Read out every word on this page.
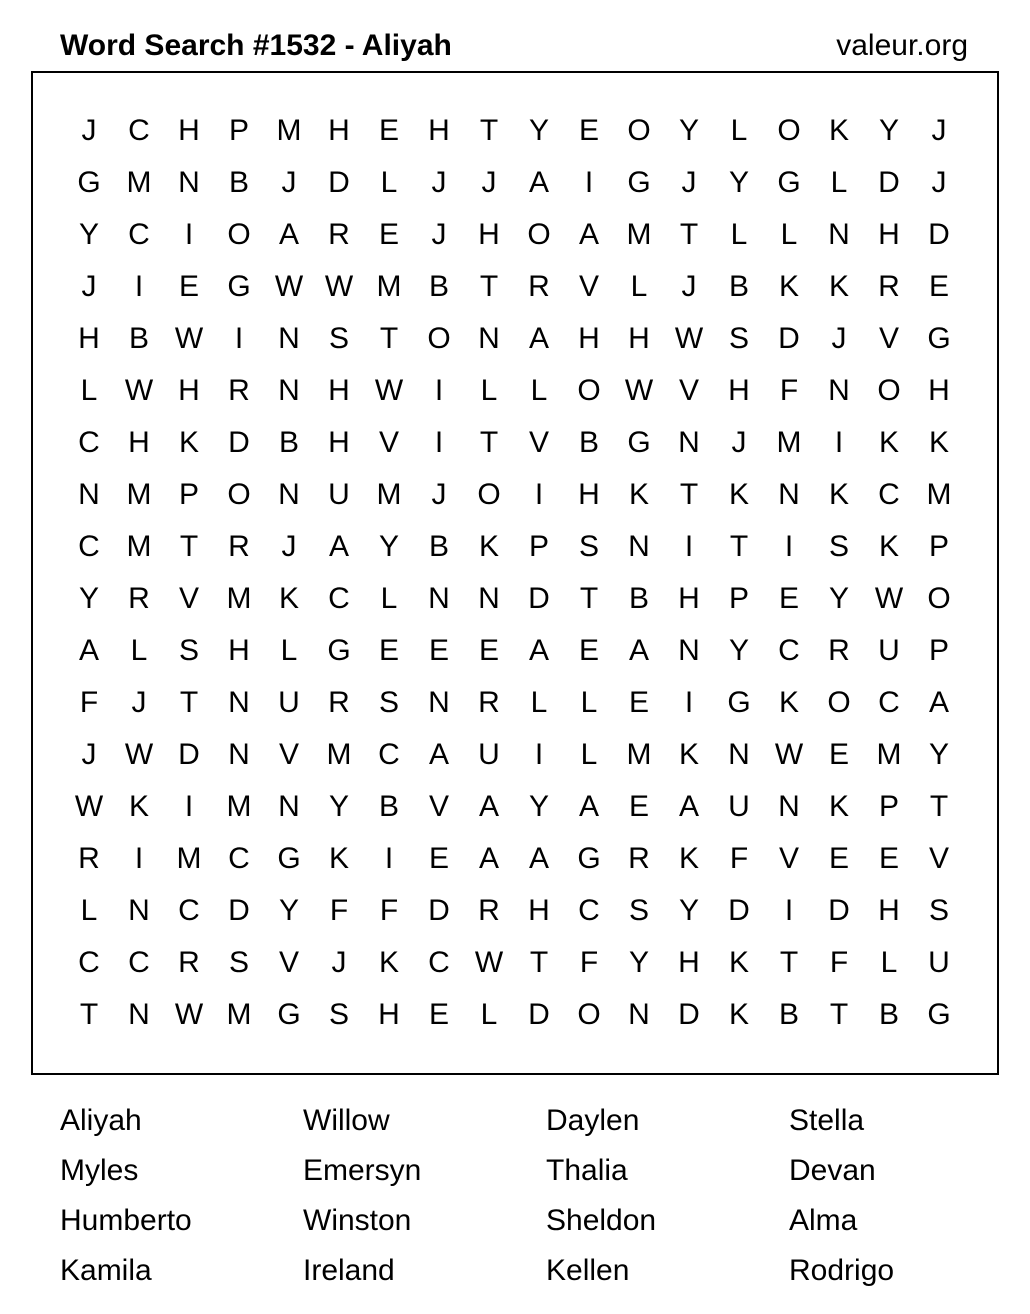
Word Search #1532 - Aliyah	valeur.org
J	C H P M H E H	T	Y E O Y	L O K Y	J
G M N B	J	D	L	J	J	A	I	G	J	Y G L	D	J
Y C	I	O A R E	J	H O A M T	L	L	N H D
J	I	E G W W M B	T	R V	L	J	B K K R E
H B W	I	N S	T O N A H H W S D	J	V G
L W H R N H W	I	L	L O W V H	F	N O H
C H K D B H V	I	T	V B G N	J	M	I	K K
N M P O N U M	J	O	I	H K	T	K N K C M
C M T	R	J	A Y B K P S N	I	T	I	S K P
Y R V M K C	L	N N D	T	B H P E Y W O
A	L	S H	L G E E E A E A N Y C R U P
F	J	T	N U R S N R	L	L	E	I	G K O C A
J W D N V M C A U	I	L M K N W E M Y
W K	I	M N Y B V A Y A E A U N K P	T
R	I	M C G K	I	E A A G R K	F	V E E V
L	N C D Y	F	F	D R H C S Y D	I	D H S
C C R S V	J	K C W T	F	Y H K	T	F	L	U
T	N W M G S H E	L	D O N D K B	T	B G
Aliyah	Willow	Daylen	Stella
Myles	Emersyn	Thalia	Devan
Humberto	Winston	Sheldon	Alma
Kamila	Ireland	Kellen	Rodrigo
